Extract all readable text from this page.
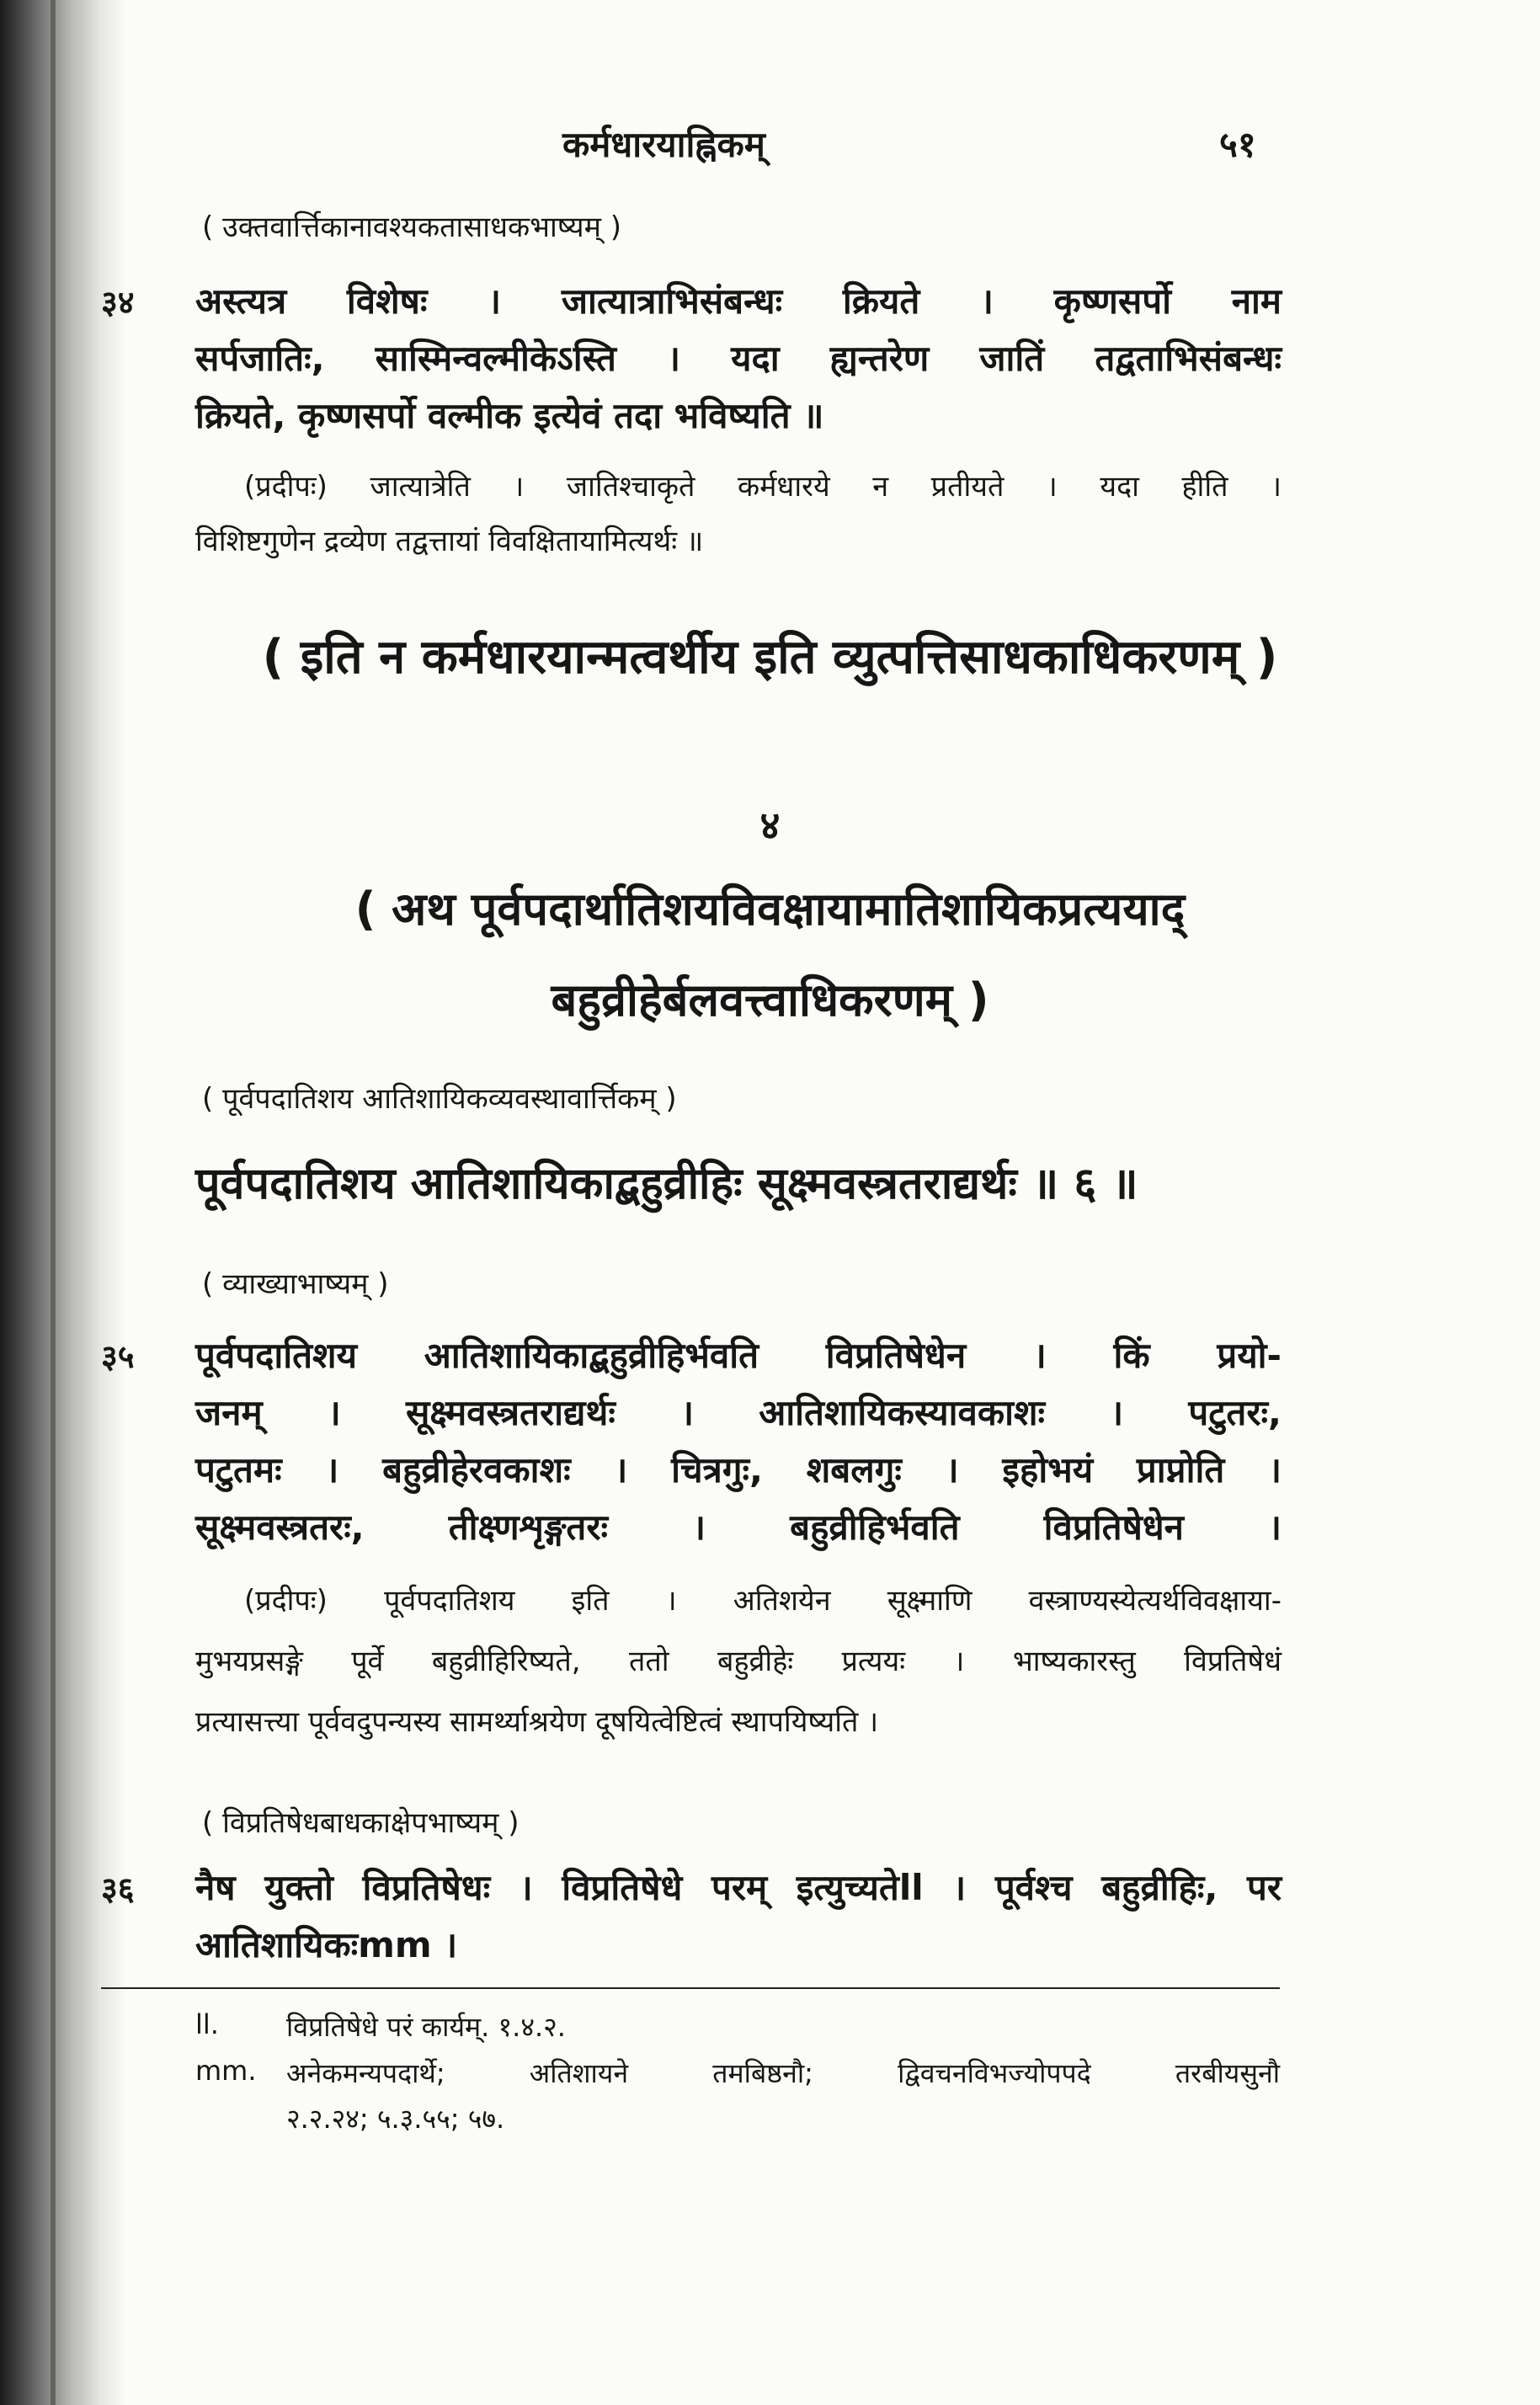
कर्मधारयाह्निकम्	५१
( उक्तवार्त्तिकानावश्यकतासाधकभाष्यम् )
३४ अस्त्यत्र विशेषः । जात्यात्राभिसंबन्धः क्रियते । कृष्णसर्पो नाम
सर्पजातिः, सास्मिन्वल्मीकेऽस्ति । यदा ह्यन्तरेण जातिं तद्वताभिसंबन्धः
क्रियते, कृष्णसर्पो वल्मीक इत्येवं तदा भविष्यति ॥
(प्रदीपः) जात्यात्रेति । जातिश्चाकृते कर्मधारये न प्रतीयते । यदा हीति ।
विशिष्टगुणेन द्रव्येण तद्वत्तायां विवक्षितायामित्यर्थः ॥
( इति न कर्मधारयान्मत्वर्थीय इति व्युत्पत्तिसाधकाधिकरणम् )
४
( अथ पूर्वपदार्थातिशयविवक्षायामातिशायिकप्रत्ययाद्
बहुव्रीहेर्बलवत्त्वाधिकरणम् )
( पूर्वपदातिशय आतिशायिकव्यवस्थावार्त्तिकम् )
पूर्वपदातिशय आतिशायिकाद्बहुव्रीहिः सूक्ष्मवस्त्रतराद्यर्थः ॥ ६ ॥
( व्याख्याभाष्यम् )
३५ पूर्वपदातिशय आतिशायिकाद्बहुव्रीहिर्भवति विप्रतिषेधेन । किं प्रयो-
जनम् । सूक्ष्मवस्त्रतराद्यर्थः । आतिशायिकस्यावकाशः । पटुतरः,
पटुतमः । बहुव्रीहेरवकाशः । चित्रगुः, शबलगुः । इहोभयं प्राप्नोति ।
सूक्ष्मवस्त्रतरः, तीक्ष्णशृङ्गतरः । बहुव्रीहिर्भवति विप्रतिषेधेन ।
(प्रदीपः) पूर्वपदातिशय इति । अतिशयेन सूक्ष्माणि वस्त्राण्यस्येत्यर्थविवक्षाया-
मुभयप्रसङ्गे पूर्वे बहुव्रीहिरिष्यते, ततो बहुव्रीहेः प्रत्ययः । भाष्यकारस्तु विप्रतिषेधं
प्रत्यासत्त्या पूर्ववदुपन्यस्य सामर्थ्याश्रयेण दूषयित्वेष्टित्वं स्थापयिष्यति ।
( विप्रतिषेधबाधकाक्षेपभाष्यम् )
३६ नैष युक्तो विप्रतिषेधः । विप्रतिषेधे परम् इत्युच्यतेll । पूर्वश्च बहुव्रीहिः, पर
आतिशायिकःmm ।
ll.	विप्रतिषेधे परं कार्यम्. १.४.२.
mm. अनेकमन्यपदार्थे; अतिशायने तमबिष्ठनौ; द्विवचनविभज्योपपदे तरबीयसुनौ
२.२.२४; ५.३.५५; ५७.
